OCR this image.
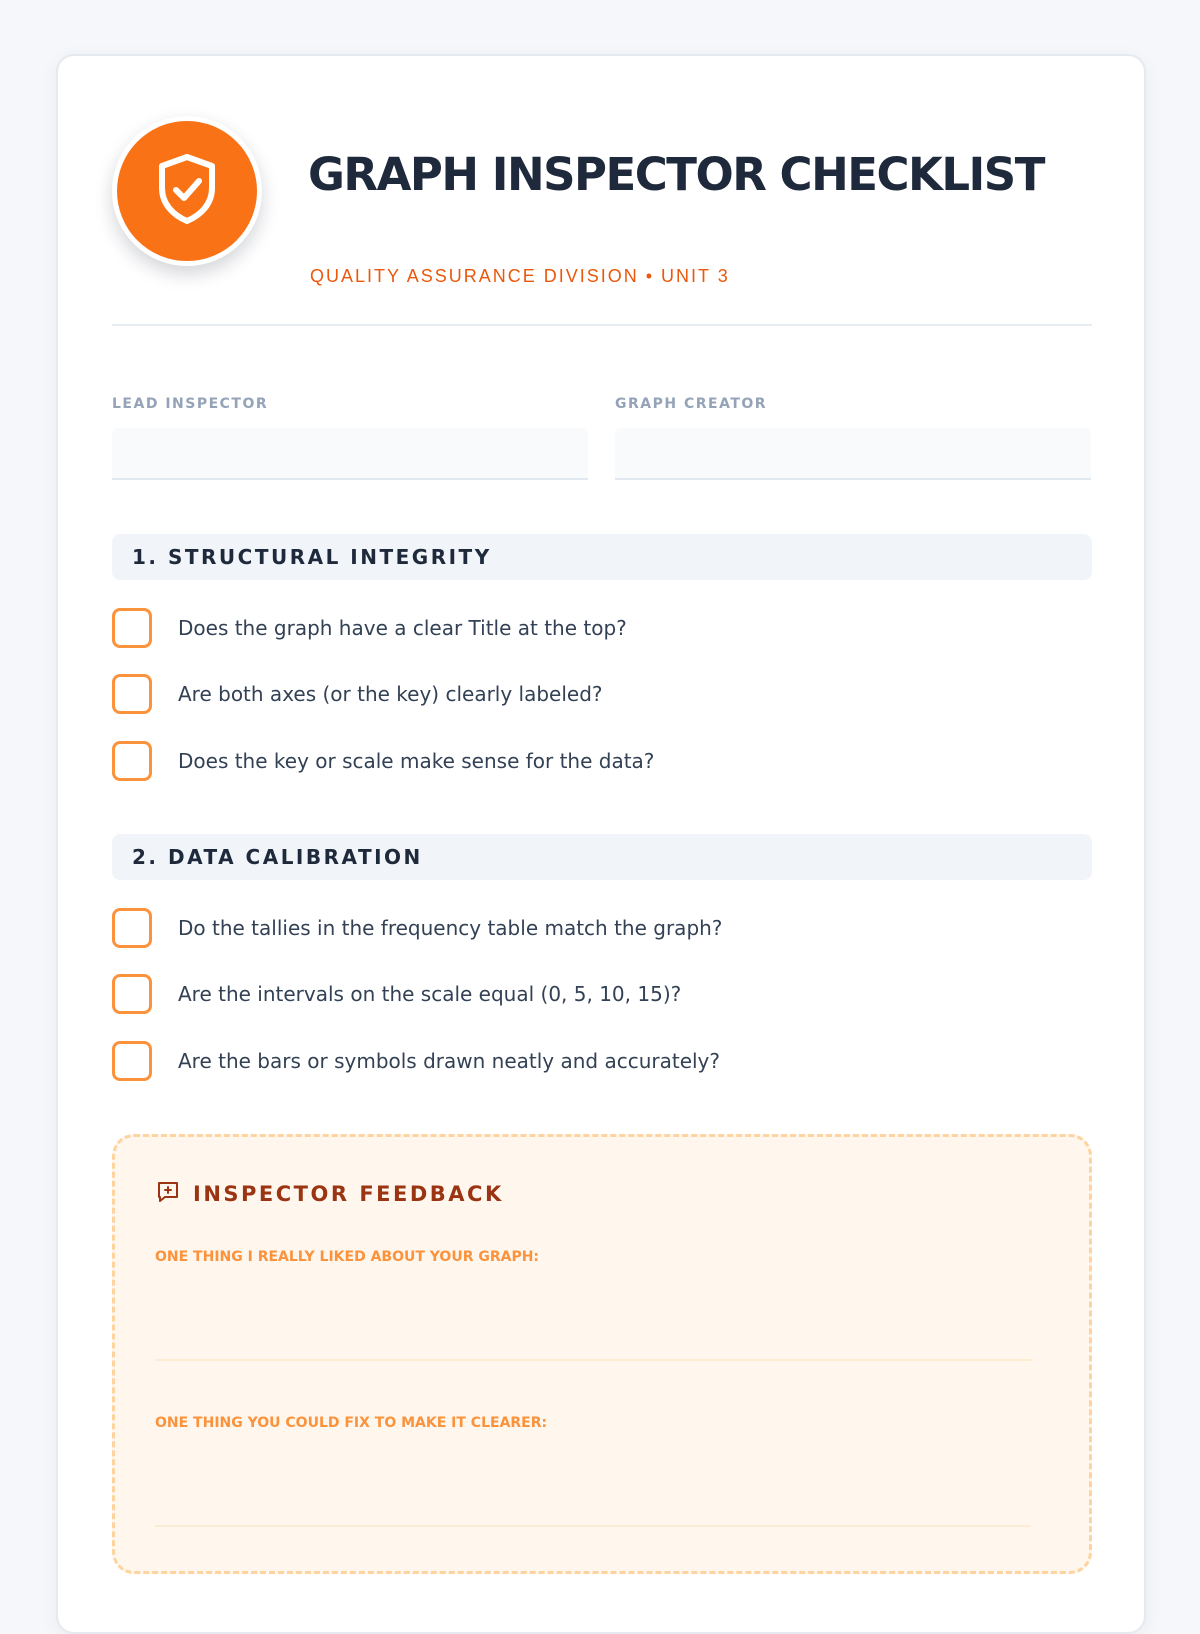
GRAPH INSPECTOR CHECKLIST
QUALITY ASSURANCE DIVISION • UNIT 3
LEAD INSPECTOR	GRAPH CREATOR
1. STRUCTURAL INTEGRITY
Does the graph have a clear Title at the top?
Are both axes (or the key) clearly labeled?
Does the key or scale make sense for the data?
2. DATA CALIBRATION
Do the tallies in the frequency table match the graph?
Are the intervals on the scale equal (0, 5, 10, 15)?
Are the bars or symbols drawn neatly and accurately?
INSPECTOR FEEDBACK
ONE THING I REALLY LIKED ABOUT YOUR GRAPH:
ONE THING YOU COULD FIX TO MAKE IT CLEARER:
